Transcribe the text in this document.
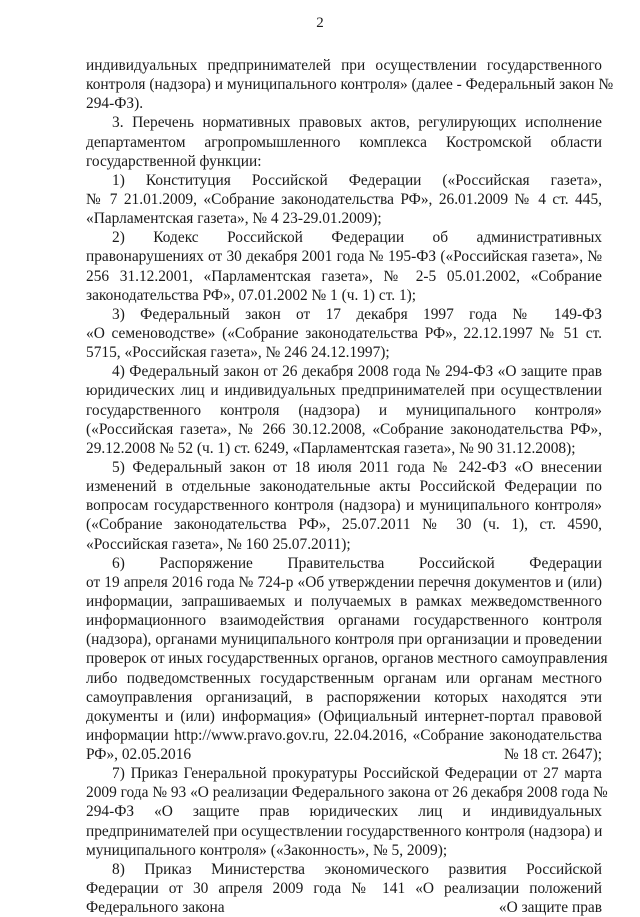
2
индивидуальных предпринимателей при осуществлении государственного
контроля (надзора) и муниципального контроля» (далее - Федеральный закон №
294-ФЗ).
3. Перечень нормативных правовых актов, регулирующих исполнение
департаментом агропромышленного комплекса Костромской области
государственной функции:
1) Конституция Российской Федерации («Российская газета»,
№ 7 21.01.2009, «Собрание законодательства РФ», 26.01.2009 № 4 ст. 445,
«Парламентская газета», № 4 23-29.01.2009);
2) Кодекс Российской Федерации об административных
правонарушениях от 30 декабря 2001 года № 195-ФЗ («Российская газета», №
256 31.12.2001, «Парламентская газета», № 2-5 05.01.2002, «Собрание
законодательства РФ», 07.01.2002 № 1 (ч. 1) ст. 1);
3) Федеральный закон от 17 декабря 1997 года № 149-ФЗ
«О семеноводстве» («Собрание законодательства РФ», 22.12.1997 № 51 ст.
5715, «Российская газета», № 246 24.12.1997);
4) Федеральный закон от 26 декабря 2008 года № 294-ФЗ «О защите прав
юридических лиц и индивидуальных предпринимателей при осуществлении
государственного контроля (надзора) и муниципального контроля»
(«Российская газета», № 266 30.12.2008, «Собрание законодательства РФ»,
29.12.2008 № 52 (ч. 1) ст. 6249, «Парламентская газета», № 90 31.12.2008);
5) Федеральный закон от 18 июля 2011 года № 242-ФЗ «О внесении
изменений в отдельные законодательные акты Российской Федерации по
вопросам государственного контроля (надзора) и муниципального контроля»
(«Собрание законодательства РФ», 25.07.2011 № 30 (ч. 1), ст. 4590,
«Российская газета», № 160 25.07.2011);
6) Распоряжение Правительства Российской Федерации
от 19 апреля 2016 года № 724-р «Об утверждении перечня документов и (или)
информации, запрашиваемых и получаемых в рамках межведомственного
информационного взаимодействия органами государственного контроля
(надзора), органами муниципального контроля при организации и проведении
проверок от иных государственных органов, органов местного самоуправления
либо подведомственных государственным органам или органам местного
самоуправления организаций, в распоряжении которых находятся эти
документы и (или) информация» (Официальный интернет-портал правовой
информации http://www.pravo.gov.ru, 22.04.2016, «Собрание законодательства
РФ», 02.05.2016	№ 18 ст. 2647);
7) Приказ Генеральной прокуратуры Российской Федерации от 27 марта
2009 года № 93 «О реализации Федерального закона от 26 декабря 2008 года №
294-ФЗ «О защите прав юридических лиц и индивидуальных
предпринимателей при осуществлении государственного контроля (надзора) и
муниципального контроля» («Законность», № 5, 2009);
8) Приказ Министерства экономического развития Российской
Федерации от 30 апреля 2009 года № 141 «О реализации положений
Федерального закона	«О защите прав
